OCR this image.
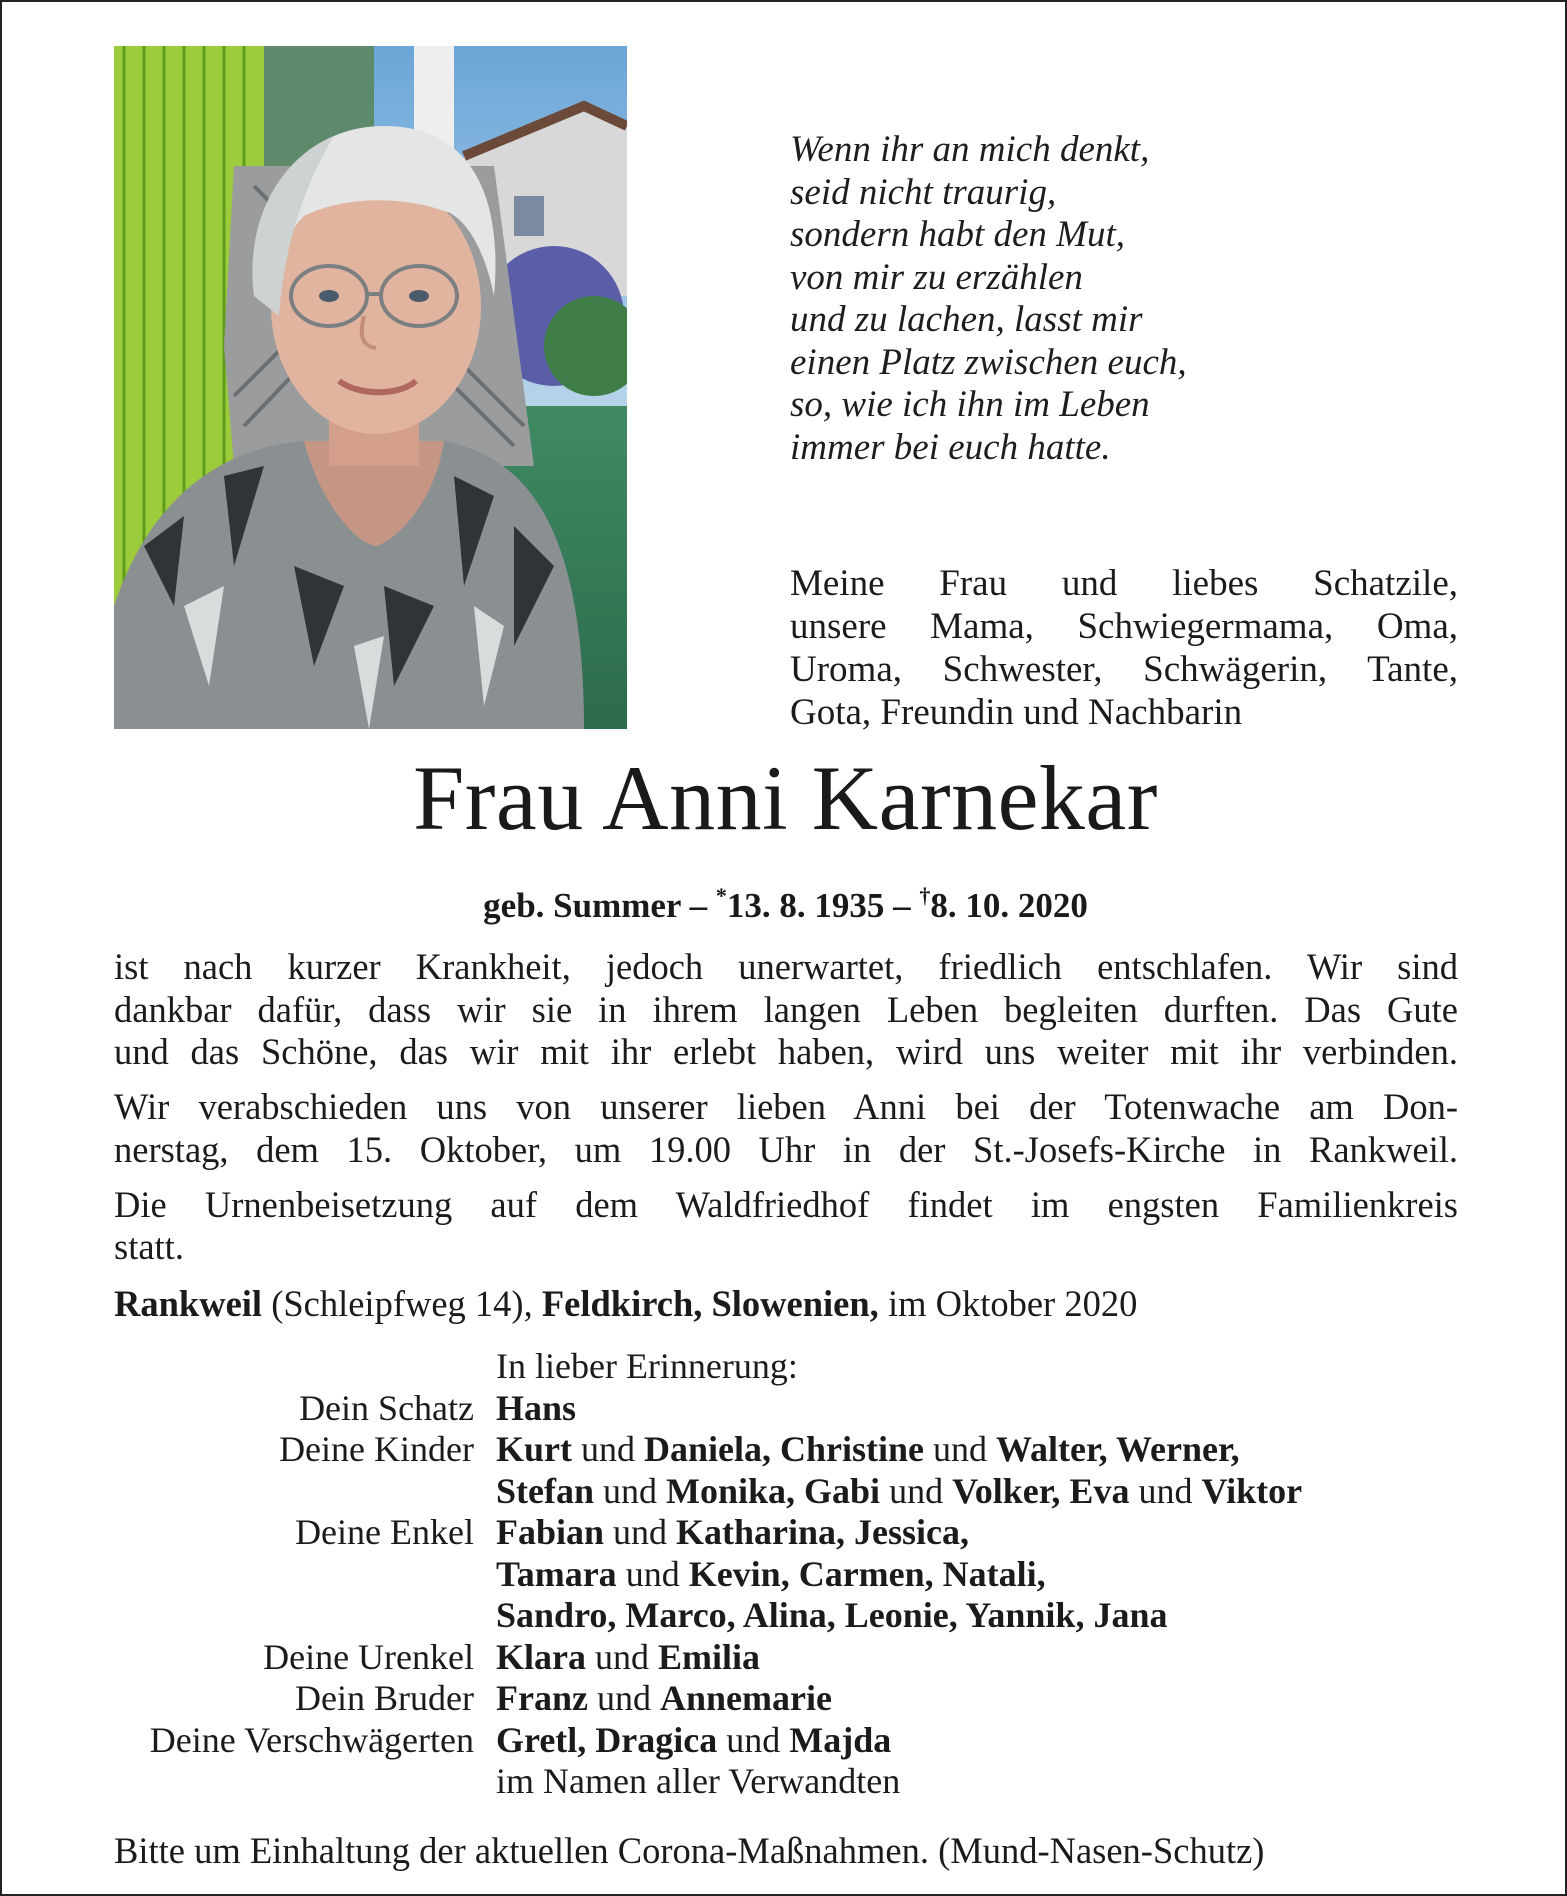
Wenn ihr an mich denkt,
seid nicht traurig,
sondern habt den Mut,
von mir zu erzählen
und zu lachen, lasst mir
einen Platz zwischen euch,
so, wie ich ihn im Leben
immer bei euch hatte.
Meine Frau und liebes Schatzile,
unsere Mama, Schwiegermama, Oma,
Uroma, Schwester, Schwägerin, Tante,
Gota, Freundin und Nachbarin
Frau Anni Karnekar
geb. Summer – *13. 8. 1935 – †8. 10. 2020

ist nach kurzer Krankheit, jedoch unerwartet, friedlich entschlafen. Wir sind
dankbar dafür, dass wir sie in ihrem langen Leben begleiten durften. Das Gute
und das Schöne, das wir mit ihr erlebt haben, wird uns weiter mit ihr verbinden.

Wir verabschieden uns von unserer lieben Anni bei der Totenwache am Don-
nerstag, dem 15. Oktober, um 19.00 Uhr in der St.-Josefs-Kirche in Rankweil.

Die Urnenbeisetzung auf dem Waldfriedhof findet im engsten Familienkreis
statt.

Rankweil (Schleipfweg 14), Feldkirch, Slowenien, im Oktober 2020
In lieber Erinnerung:
Dein Schatz Hans
Deine Kinder Kurt und Daniela, Christine und Walter, Werner,
Stefan und Monika, Gabi und Volker, Eva und Viktor
Deine Enkel Fabian und Katharina, Jessica,
Tamara und Kevin, Carmen, Natali,
Sandro, Marco, Alina, Leonie, Yannik, Jana
Deine Urenkel Klara und Emilia
Dein Bruder Franz und Annemarie
Deine Verschwägerten Gretl, Dragica und Majda
im Namen aller Verwandten
Bitte um Einhaltung der aktuellen Corona-Maßnahmen. (Mund-Nasen-Schutz)
